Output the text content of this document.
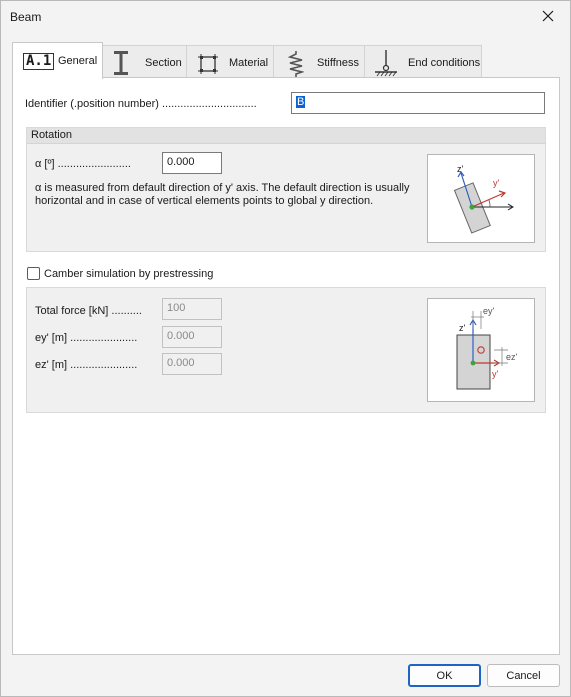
Beam
A.1 General	Section	Material	Stiffness	End conditions
Identifier (.position number) ...............................	B
Rotation
α [º] ........................	0.000
α is measured from default direction of y' axis. The default direction is usually horizontal and in case of vertical elements points to global y direction.
z'
y'
Camber simulation by prestressing
Total force [kN] ..........	100
ey' [m] ......................	0.000
ez' [m] ......................	0.000
ey'
ez'
z'
y'
OK	Cancel
